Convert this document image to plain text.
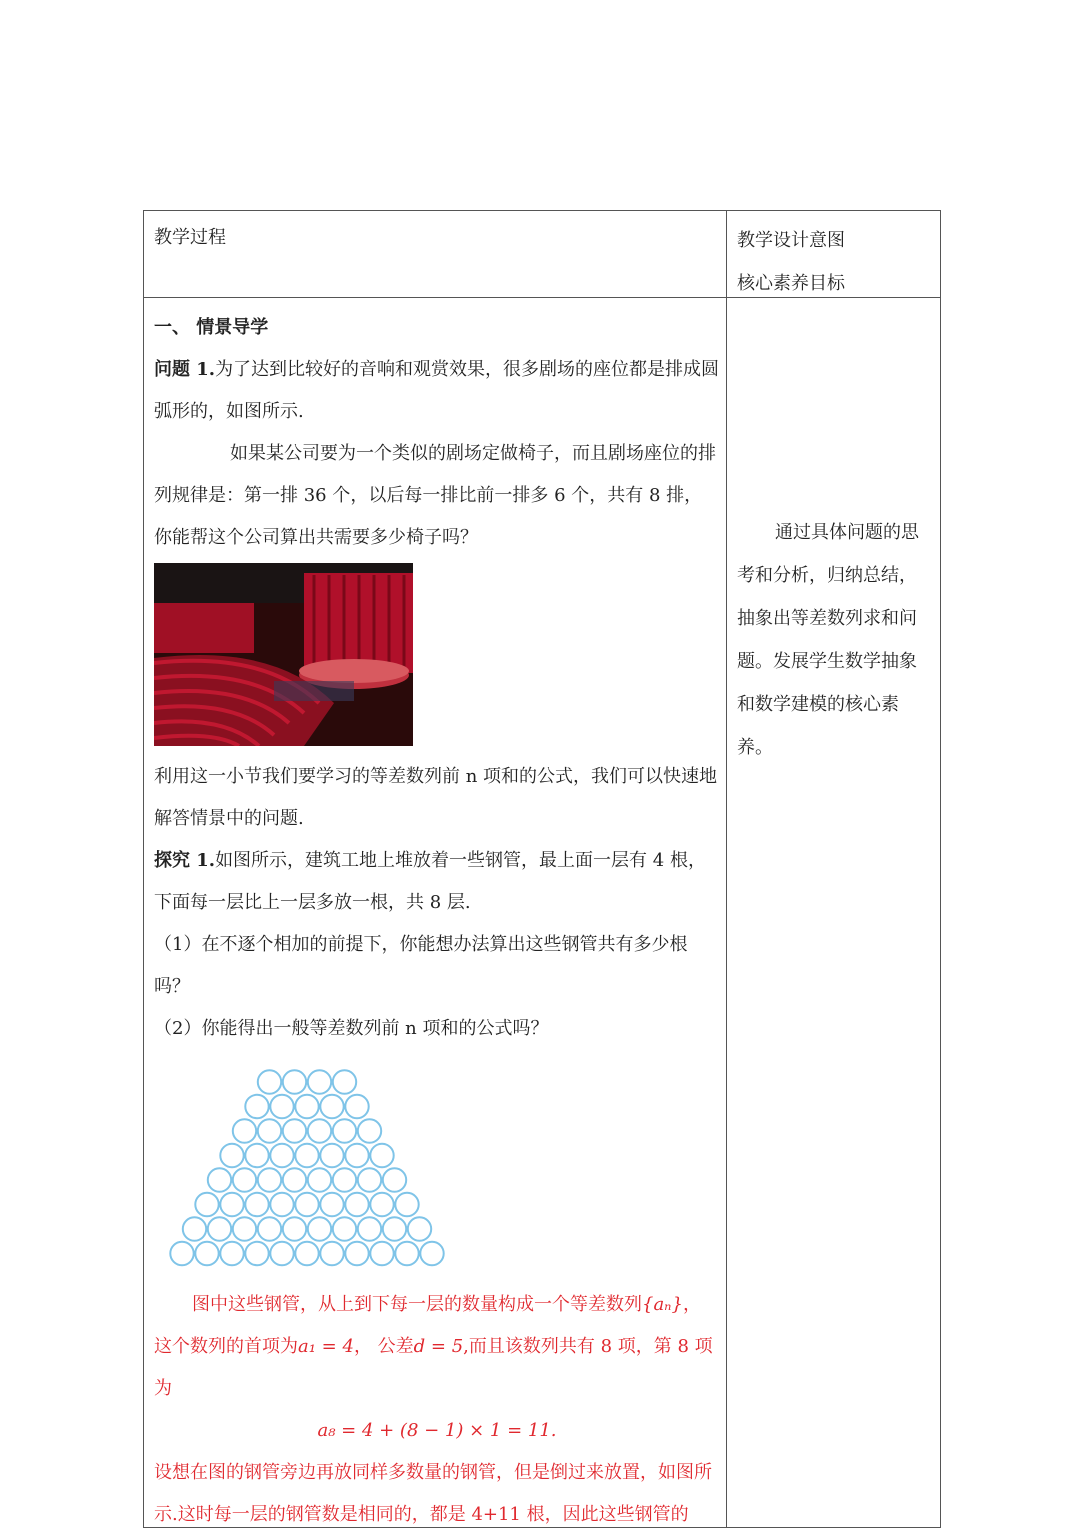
教学过程	教学设计意图
核心素养目标

一、 情景导学

问题 1.为了达到比较好的音响和观赏效果，很多剧场的座位都是排成圆弧形的，如图所示.

如果某公司要为一个类似的剧场定做椅子，而且剧场座位的排列规律是：第一排 36 个，以后每一排比前一排多 6 个，共有 8 排，你能帮这个公司算出共需要多少椅子吗？

利用这一小节我们要学习的等差数列前 n 项和的公式，我们可以快速地解答情景中的问题.

探究 1.如图所示，建筑工地上堆放着一些钢管，最上面一层有 4 根，下面每一层比上一层多放一根，共 8 层.

（1）在不逐个相加的前提下，你能想办法算出这些钢管共有多少根吗？

（2）你能得出一般等差数列前 n 项和的公式吗？

图中这些钢管，从上到下每一层的数量构成一个等差数列{aₙ}，

这个数列的首项为a₁ = 4， 公差d = 5,而且该数列共有 8 项，第 8 项为

a₈ = 4 + (8 − 1) × 1 = 11.

设想在图的钢管旁边再放同样多数量的钢管，但是倒过来放置，如图所示.这时每一层的钢管数是相同的，都是 4+11 根，因此这些钢管的

通过具体问题的思考和分析，归纳总结，抽象出等差数列求和问题。发展学生数学抽象和数学建模的核心素养。
